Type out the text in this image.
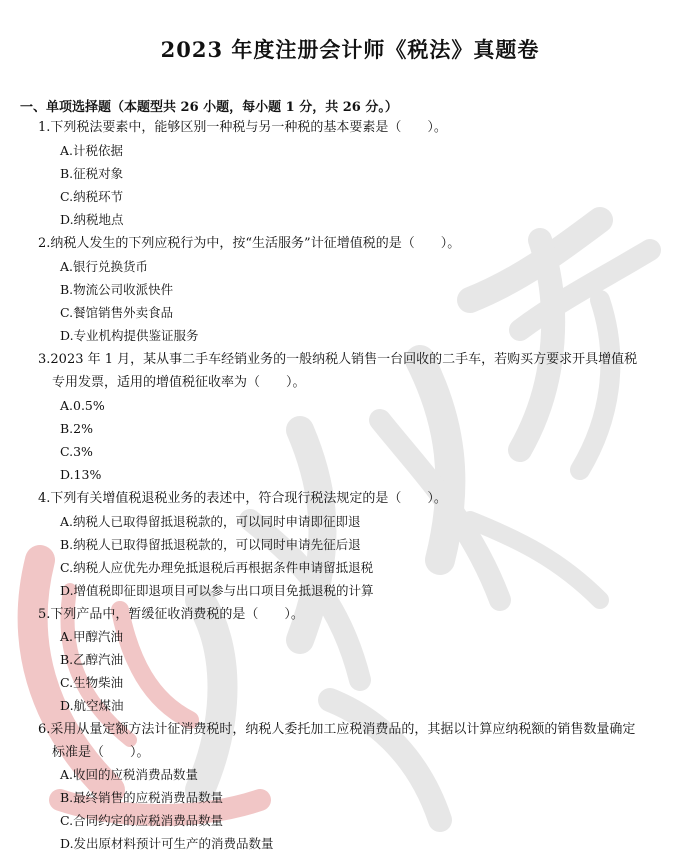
2023 年度注册会计师《税法》真题卷
一、单项选择题（本题型共 26 小题，每小题 1 分，共 26 分。）
1.下列税法要素中，能够区别一种税与另一种税的基本要素是（　　）。
A.计税依据
B.征税对象
C.纳税环节
D.纳税地点
2.纳税人发生的下列应税行为中，按“生活服务”计征增值税的是（　　）。
A.银行兑换货币
B.物流公司收派快件
C.餐馆销售外卖食品
D.专业机构提供鉴证服务
3.2023 年 1 月，某从事二手车经销业务的一般纳税人销售一台回收的二手车，若购买方要求开具增值税
专用发票，适用的增值税征收率为（　　）。
A.0.5%
B.2%
C.3%
D.13%
4.下列有关增值税退税业务的表述中，符合现行税法规定的是（　　）。
A.纳税人已取得留抵退税款的，可以同时申请即征即退
B.纳税人已取得留抵退税款的，可以同时申请先征后退
C.纳税人应优先办理免抵退税后再根据条件申请留抵退税
D.增值税即征即退项目可以参与出口项目免抵退税的计算
5.下列产品中，暂缓征收消费税的是（　　）。
A.甲醇汽油
B.乙醇汽油
C.生物柴油
D.航空煤油
6.采用从量定额方法计征消费税时，纳税人委托加工应税消费品的，其据以计算应纳税额的销售数量确定
标准是（　　）。
A.收回的应税消费品数量
B.最终销售的应税消费品数量
C.合同约定的应税消费品数量
D.发出原材料预计可生产的消费品数量
